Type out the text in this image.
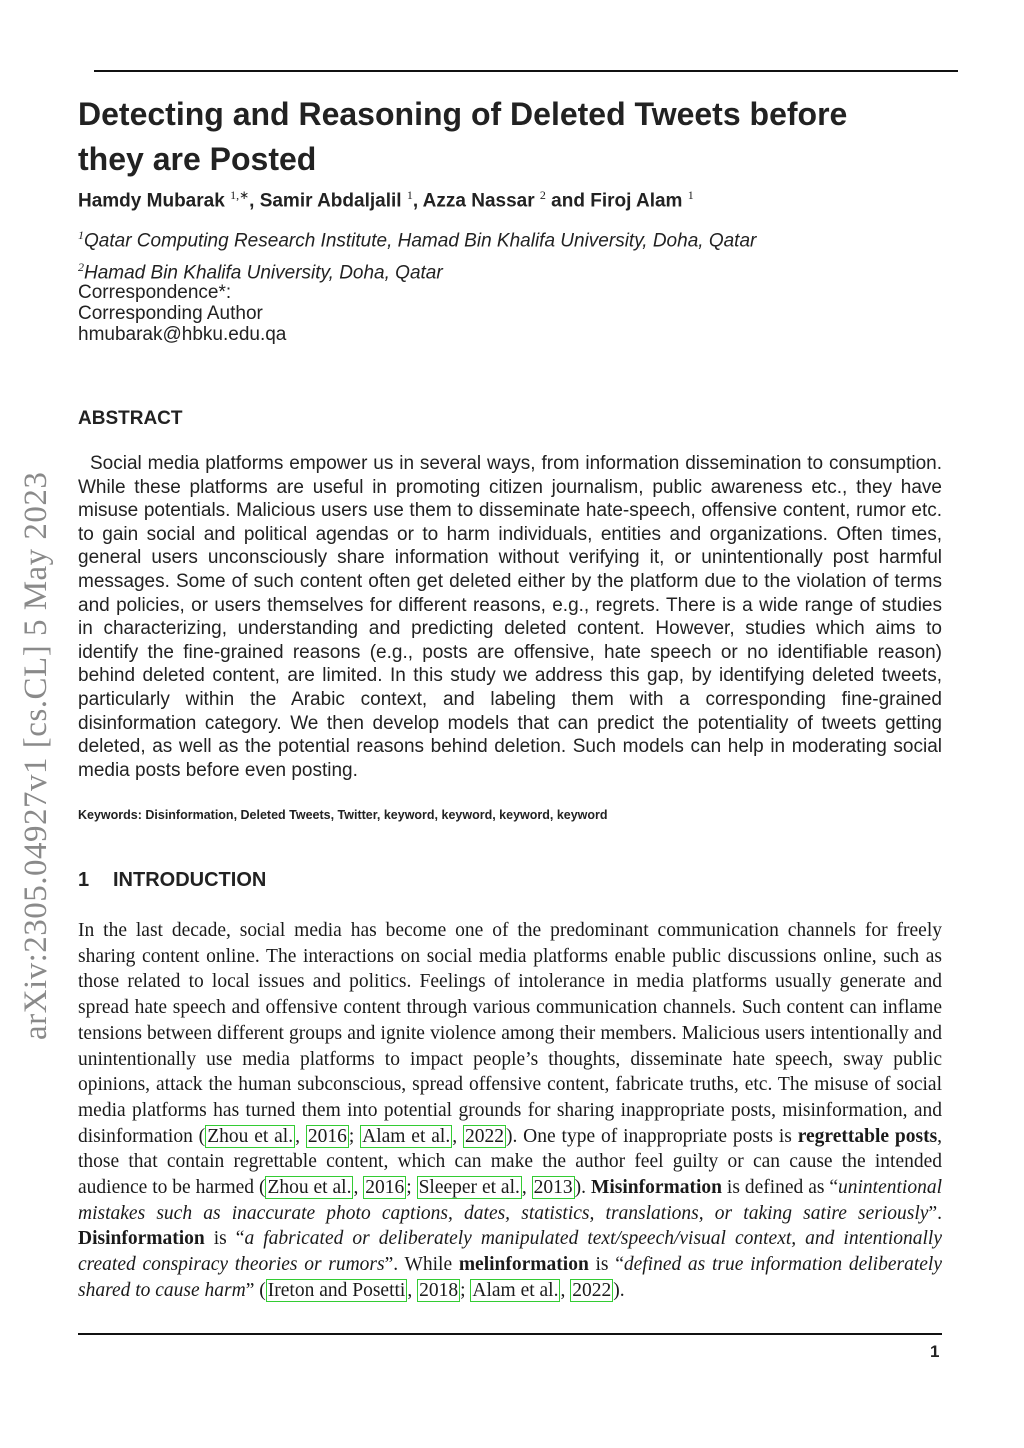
arXiv:2305.04927v1 [cs.CL] 5 May 2023
Detecting and Reasoning of Deleted Tweets before they are Posted
Hamdy Mubarak $^{1,∗}$, Samir Abdaljalil $^1$, Azza Nassar $^2$ and Firoj Alam $^1$
$^1$Qatar Computing Research Institute, Hamad Bin Khalifa University, Doha, Qatar
$^2$Hamad Bin Khalifa University, Doha, Qatar
Correspondence*:
Corresponding Author
hmubarak@hbku.edu.qa
ABSTRACT

Social media platforms empower us in several ways, from information dissemination to consumption. While these platforms are useful in promoting citizen journalism, public awareness etc., they have misuse potentials. Malicious users use them to disseminate hate-speech, offensive content, rumor etc. to gain social and political agendas or to harm individuals, entities and organizations. Often times, general users unconsciously share information without verifying it, or unintentionally post harmful messages. Some of such content often get deleted either by the platform due to the violation of terms and policies, or users themselves for different reasons, e.g., regrets. There is a wide range of studies in characterizing, understanding and predicting deleted content. However, studies which aims to identify the fine-grained reasons (e.g., posts are offensive, hate speech or no identifiable reason) behind deleted content, are limited. In this study we address this gap, by identifying deleted tweets, particularly within the Arabic context, and labeling them with a corresponding fine-grained disinformation category. We then develop models that can predict the potentiality of tweets getting deleted, as well as the potential reasons behind deletion. Such models can help in moderating social media posts before even posting.

Keywords: Disinformation, Deleted Tweets, Twitter, keyword, keyword, keyword, keyword
1 INTRODUCTION

In the last decade, social media has become one of the predominant communication channels for freely sharing content online. The interactions on social media platforms enable public discussions online, such as those related to local issues and politics. Feelings of intolerance in media platforms usually generate and spread hate speech and offensive content through various communication channels. Such content can inflame tensions between different groups and ignite violence among their members. Malicious users intentionally and unintentionally use media platforms to impact people’s thoughts, disseminate hate speech, sway public opinions, attack the human subconscious, spread offensive content, fabricate truths, etc. The misuse of social media platforms has turned them into potential grounds for sharing inappropriate posts, misinformation, and disinformation ( Zhou et al. , 2016 ; Alam et al. , 2022 ). One type of inappropriate posts is regrettable posts, those that contain regrettable content, which can make the author feel guilty or can cause the intended audience to be harmed ( Zhou et al. , 2016 ; Sleeper et al. , 2013 ). Misinformation is defined as “unintentional mistakes such as inaccurate photo captions, dates, statistics, translations, or taking satire seriously”. Disinformation is “a fabricated or deliberately manipulated text/speech/visual context, and intentionally created conspiracy theories or rumors”. While melinformation is “defined as true information deliberately shared to cause harm” ( Ireton and Posetti , 2018 ; Alam et al. , 2022 ).

1
